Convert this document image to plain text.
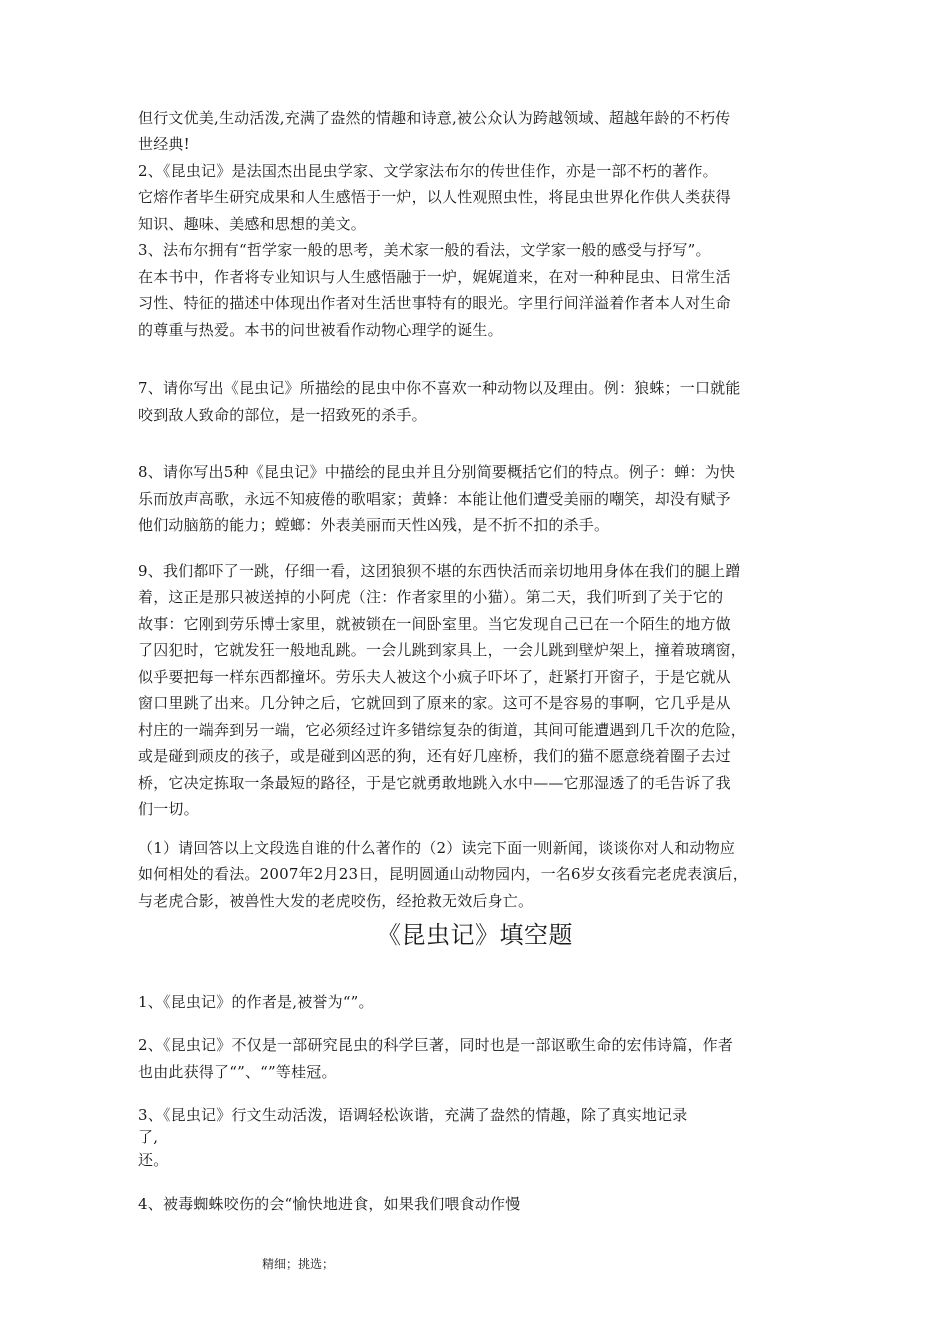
但行文优美,生动活泼,充满了盎然的情趣和诗意,被公众认为跨越领域、超越年龄的不朽传
世经典!
2、《昆虫记》是法国杰出昆虫学家、文学家法布尔的传世佳作，亦是一部不朽的著作。
它熔作者毕生研究成果和人生感悟于一炉，以人性观照虫性，将昆虫世界化作供人类获得
知识、趣味、美感和思想的美文。
3、法布尔拥有“哲学家一般的思考，美术家一般的看法，文学家一般的感受与抒写”。
在本书中，作者将专业知识与人生感悟融于一炉，娓娓道来，在对一种种昆虫、日常生活
习性、特征的描述中体现出作者对生活世事特有的眼光。字里行间洋溢着作者本人对生命
的尊重与热爱。本书的问世被看作动物心理学的诞生。
7、请你写出《昆虫记》所描绘的昆虫中你不喜欢一种动物以及理由。例：狼蛛；一口就能
咬到敌人致命的部位，是一招致死的杀手。
8、请你写出5种《昆虫记》中描绘的昆虫并且分别简要概括它们的特点。例子：蝉：为快
乐而放声高歌，永远不知疲倦的歌唱家；黄蜂：本能让他们遭受美丽的嘲笑，却没有赋予
他们动脑筋的能力；螳螂：外表美丽而天性凶残，是不折不扣的杀手。
9、我们都吓了一跳，仔细一看，这团狼狈不堪的东西快活而亲切地用身体在我们的腿上蹭
着，这正是那只被送掉的小阿虎（注：作者家里的小猫）。第二天，我们听到了关于它的
故事：它刚到劳乐博士家里，就被锁在一间卧室里。当它发现自己已在一个陌生的地方做
了囚犯时，它就发狂一般地乱跳。一会儿跳到家具上，一会儿跳到壁炉架上，撞着玻璃窗，
似乎要把每一样东西都撞坏。劳乐夫人被这个小疯子吓坏了，赶紧打开窗子，于是它就从
窗口里跳了出来。几分钟之后，它就回到了原来的家。这可不是容易的事啊，它几乎是从
村庄的一端奔到另一端，它必须经过许多错综复杂的街道，其间可能遭遇到几千次的危险，
或是碰到顽皮的孩子，或是碰到凶恶的狗，还有好几座桥，我们的猫不愿意绕着圈子去过
桥，它决定拣取一条最短的路径，于是它就勇敢地跳入水中——它那湿透了的毛告诉了我
们一切。
（1）请回答以上文段选自谁的什么著作的（2）读完下面一则新闻，谈谈你对人和动物应
如何相处的看法。2007年2月23日，昆明圆通山动物园内，一名6岁女孩看完老虎表演后，
与老虎合影，被兽性大发的老虎咬伤，经抢救无效后身亡。
《昆虫记》填空题
1、《昆虫记》的作者是,被誉为“”。
2、《昆虫记》不仅是一部研究昆虫的科学巨著，同时也是一部讴歌生命的宏伟诗篇，作者
也由此获得了“”、“”等桂冠。
3、《昆虫记》行文生动活泼，语调轻松诙谐，充满了盎然的情趣，除了真实地记录
了,
还。
4、被毒蜘蛛咬伤的会“愉快地进食，如果我们喂食动作慢
精细；挑选；
